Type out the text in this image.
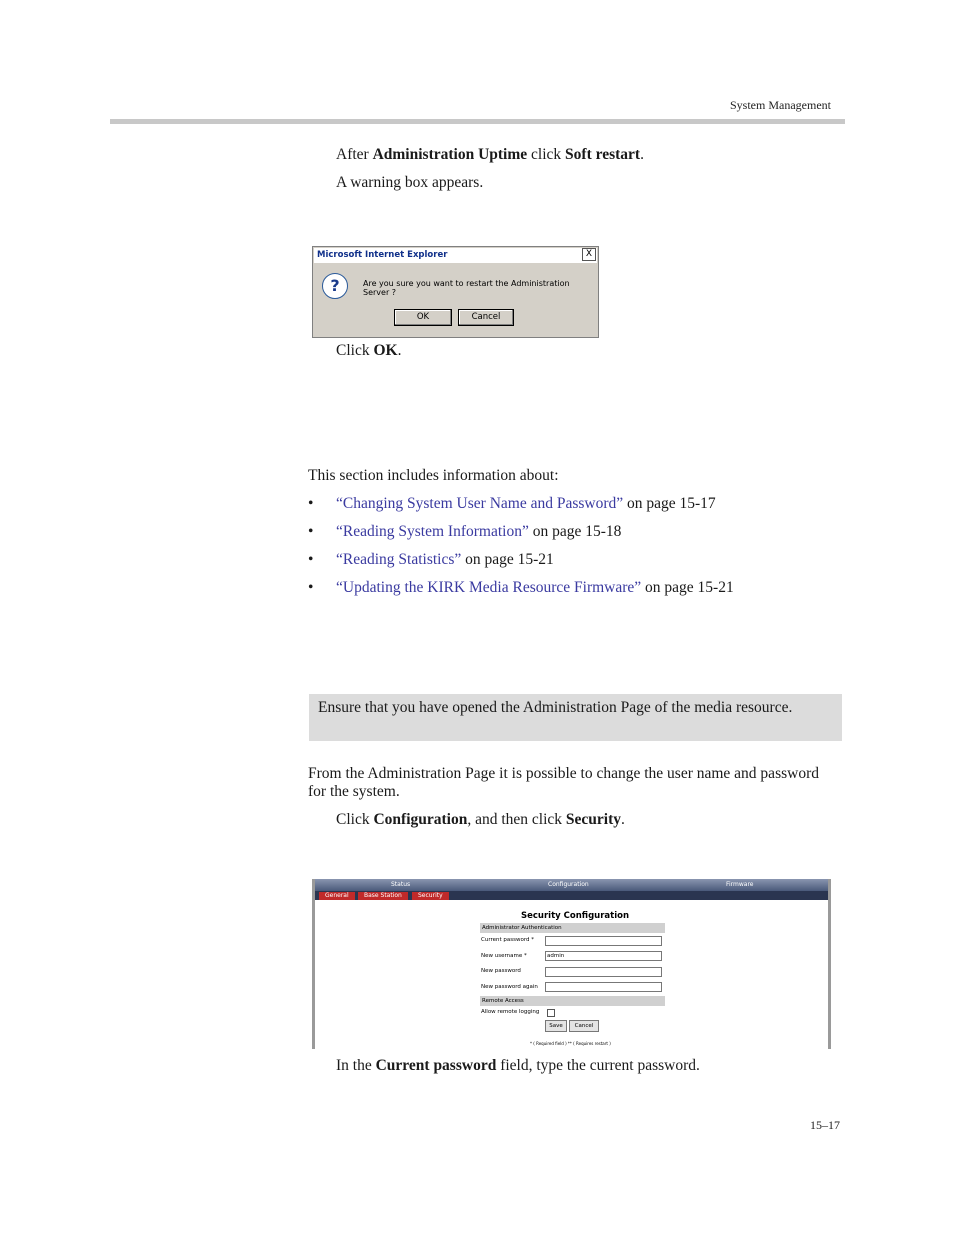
System Management
After Administration Uptime click Soft restart.
A warning box appears.
Microsoft Internet Explorer	X
?	Are you sure you want to restart the Administration Server ?
OK	Cancel
Click OK.
This section includes information about:
• “Changing System User Name and Password” on page 15-17
• “Reading System Information” on page 15-18
• “Reading Statistics” on page 15-21
• “Updating the KIRK Media Resource Firmware” on page 15-21
Ensure that you have opened the Administration Page of the media resource.
From the Administration Page it is possible to change the user name and password for the system.
Click Configuration, and then click Security.
Status	Configuration	Firmware
General	Base Station	Security
Security Configuration
Administrator Authentication
Current password *
New username *	admin
New password
New password again
Remote Access
Allow remote logging
Save	Cancel
* ( Required field ) ** ( Requires restart )
In the Current password field, type the current password.
15–17
